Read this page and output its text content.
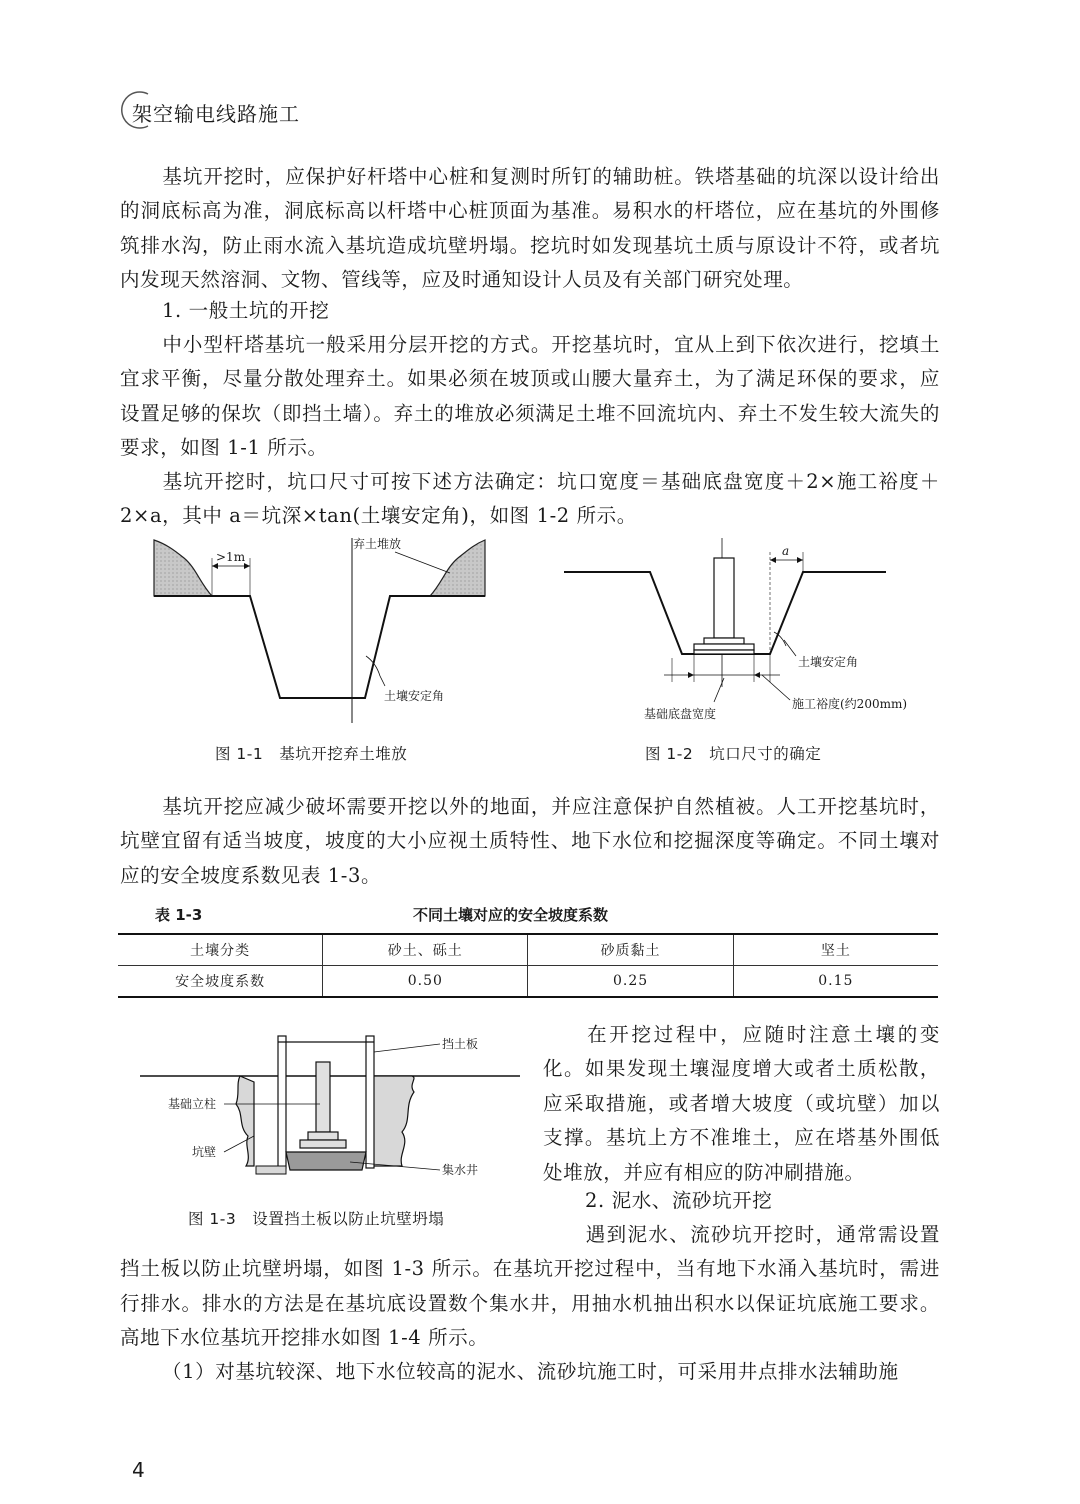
架空输电线路施工
基坑开挖时，应保护好杆塔中心桩和复测时所钉的辅助桩。铁塔基础的坑深以设计给出的洞底标高为准，洞底标高以杆塔中心桩顶面为基准。易积水的杆塔位，应在基坑的外围修筑排水沟，防止雨水流入基坑造成坑壁坍塌。挖坑时如发现基坑土质与原设计不符，或者坑内发现天然溶洞、文物、管线等，应及时通知设计人员及有关部门研究处理。
1. 一般土坑的开挖
中小型杆塔基坑一般采用分层开挖的方式。开挖基坑时，宜从上到下依次进行，挖填土宜求平衡，尽量分散处理弃土。如果必须在坡顶或山腰大量弃土，为了满足环保的要求，应设置足够的保坎（即挡土墙）。弃土的堆放必须满足土堆不回流坑内、弃土不发生较大流失的要求，如图 1-1 所示。
基坑开挖时，坑口尺寸可按下述方法确定：坑口宽度＝基础底盘宽度＋2×施工裕度＋2×a，其中 a＝坑深×tan(土壤安定角)，如图 1-2 所示。
>1m
弃土堆放
土壤安定角
图 1-1　基坑开挖弃土堆放
a
基础底盘宽度
施工裕度(约200mm)
土壤安定角
图 1-2　坑口尺寸的确定
基坑开挖应减少破坏需要开挖以外的地面，并应注意保护自然植被。人工开挖基坑时，坑壁宜留有适当坡度，坡度的大小应视土质特性、地下水位和挖掘深度等确定。不同土壤对应的安全坡度系数见表 1-3。
表 1-3	不同土壤对应的安全坡度系数
土壤分类	砂土、砾土	砂质黏土	坚土
安全坡度系数	0.50	0.25	0.15
挡土板
基础立柱
坑壁
集水井
图 1-3　设置挡土板以防止坑壁坍塌
在开挖过程中，应随时注意土壤的变化。如果发现土壤湿度增大或者土质松散，应采取措施，或者增大坡度（或坑壁）加以支撑。基坑上方不准堆土，应在塔基外围低处堆放，并应有相应的防冲刷措施。
2. 泥水、流砂坑开挖
遇到泥水、流砂坑开挖时，通常需设置挡土板以防止坑壁坍塌，如图 1-3 所示。在基坑开挖过程中，当有地下水涌入基坑时，需进行排水。排水的方法是在基坑底设置数个集水井，用抽水机抽出积水以保证坑底施工要求。高地下水位基坑开挖排水如图 1-4 所示。
（1）对基坑较深、地下水位较高的泥水、流砂坑施工时，可采用井点排水法辅助施
4
